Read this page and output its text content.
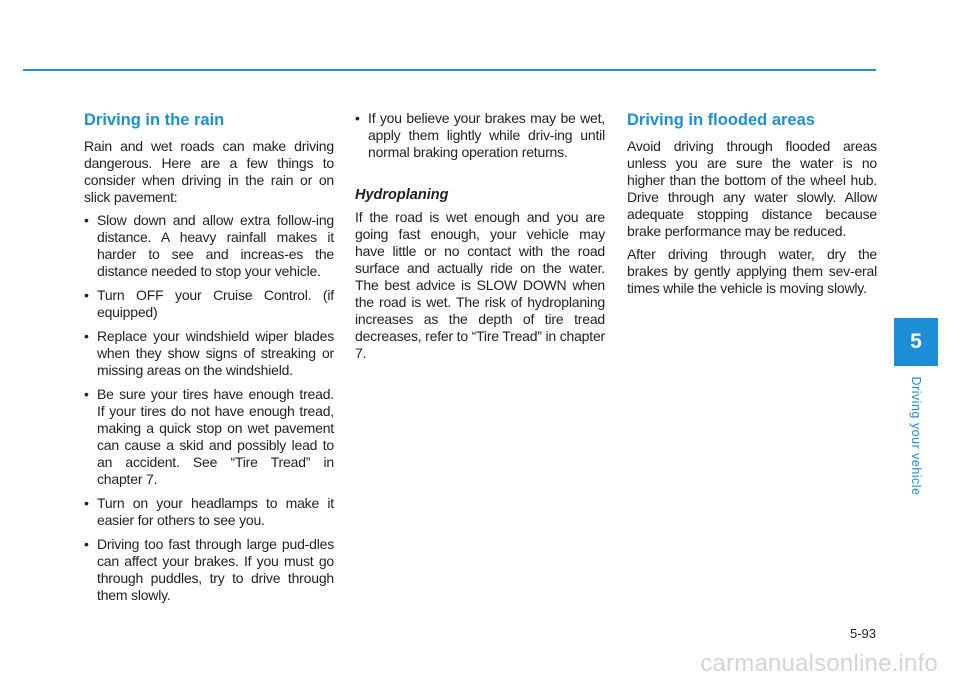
Driving in the rain

Rain and wet roads can make driving dangerous. Here are a few things to consider when driving in the rain or on slick pavement:

• Slow down and allow extra follow-ing distance. A heavy rainfall makes it harder to see and increas-es the distance needed to stop your vehicle.
• Turn OFF your Cruise Control. (if equipped)
• Replace your windshield wiper blades when they show signs of streaking or missing areas on the windshield.
• Be sure your tires have enough tread. If your tires do not have enough tread, making a quick stop on wet pavement can cause a skid and possibly lead to an accident. See “Tire Tread” in chapter 7.
• Turn on your headlamps to make it easier for others to see you.
• Driving too fast through large pud-dles can affect your brakes. If you must go through puddles, try to drive through them slowly.
• If you believe your brakes may be wet, apply them lightly while driv-ing until normal braking operation returns.
Hydroplaning

If the road is wet enough and you are going fast enough, your vehicle may have little or no contact with the road surface and actually ride on the water. The best advice is SLOW DOWN when the road is wet. The risk of hydroplaning increases as the depth of tire tread decreases, refer to “Tire Tread” in chapter 7.

Driving in flooded areas

Avoid driving through flooded areas unless you are sure the water is no higher than the bottom of the wheel hub. Drive through any water slowly. Allow adequate stopping distance because brake performance may be reduced.

After driving through water, dry the brakes by gently applying them sev-eral times while the vehicle is moving slowly.

5
Driving your vehicle
5-93
carmanualsonline.info
